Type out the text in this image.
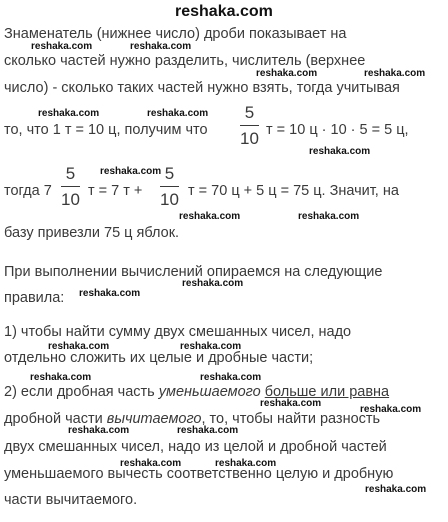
reshaka.com
Знаменатель (нижнее число) дроби показывает на
сколько частей нужно разделить, числитель (верхнее
число) - сколько таких частей нужно взять, тогда учитывая
то, что 1 т = 10 ц, получим что
5
10 т = 10 ц · 10 · 5 = 5 ц,
тогда 7
5
10 т = 7 т +
5
10 т = 70 ц + 5 ц = 75 ц. Значит, на
базу привезли 75 ц яблок.
При выполнении вычислений опираемся на следующие
правила:
1) чтобы найти сумму двух смешанных чисел, надо
отдельно сложить их целые и дробные части;
2) если дробная часть уменьшаемого больше или равна
дробной части вычитаемого, то, чтобы найти разность
двух смешанных чисел, надо из целой и дробной частей
уменьшаемого вычесть соответственно целую и дробную
части вычитаемого.
reshaka.com	reshaka.com
reshaka.com	reshaka.com
reshaka.com	reshaka.com
reshaka.com
reshaka.com
reshaka.com	reshaka.com
reshaka.com
reshaka.com
reshaka.com	reshaka.com
reshaka.com	reshaka.com
reshaka.com
reshaka.com
reshaka.com	reshaka.com
reshaka.com	reshaka.com
reshaka.com
